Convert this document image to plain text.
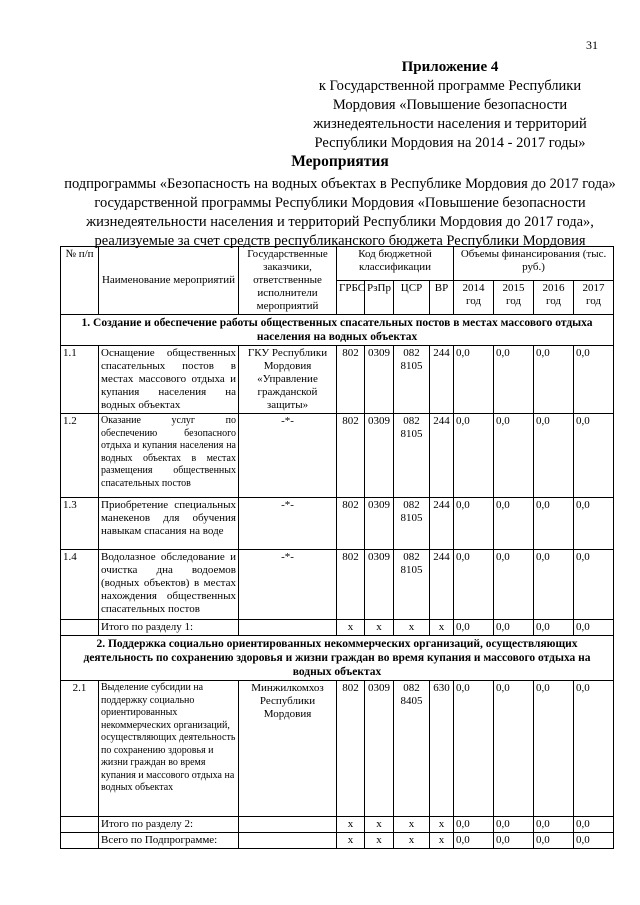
31
Приложение 4
к Государственной программе Республики
Мордовия «Повышение безопасности
жизнедеятельности населения и территорий
Республики Мордовия на 2014 - 2017 годы»
Мероприятия
подпрограммы «Безопасность на водных объектах в Республике Мордовия до 2017 года» государственной программы Республики Мордовия «Повышение безопасности жизнедеятельности населения и территорий Республики Мордовия до 2017 года», реализуемые за счет средств республиканского бюджета Республики Мордовия
№ п/п	Наименование мероприятий	Государственные заказчики, ответственные исполнители мероприятий	Код бюджетной классификации				Объемы финансирования (тыс. руб.)			
			ГРБС	РзПр	ЦСР	ВР	2014 год	2015 год	2016 год	2017 год
1. Создание и обеспечение работы общественных спасательных постов в местах массового отдыха населения на водных объектах										
1.1	Оснащение общественных спасательных постов в местах массового отдыха и купания населения на водных объектах	ГКУ Республики Мордовия «Управление гражданской защиты»	802	0309	082 8105	244	0,0	0,0	0,0	0,0
1.2	Оказание услуг по обеспечению безопасного отдыха и купания населения на водных объектах в местах размещения общественных спасательных постов	-*-	802	0309	082 8105	244	0,0	0,0	0,0	0,0
1.3	Приобретение специальных манекенов для обучения навыкам спасания на воде	-*-	802	0309	082 8105	244	0,0	0,0	0,0	0,0
1.4	Водолазное обследование и очистка дна водоемов (водных объектов) в местах нахождения общественных спасательных постов	-*-	802	0309	082 8105	244	0,0	0,0	0,0	0,0
	Итого по разделу 1:		x	x	x	x	0,0	0,0	0,0	0,0
2. Поддержка социально ориентированных некоммерческих организаций, осуществляющих деятельность по сохранению здоровья и жизни граждан во время купания и массового отдыха на водных объектах										
2.1	Выделение субсидии на поддержку социально ориентированных некоммерческих организаций, осуществляющих деятельность по сохранению здоровья и жизни граждан во время купания и массового отдыха на водных объектах	Минжилкомхоз Республики Мордовия	802	0309	082 8405	630	0,0	0,0	0,0	0,0
	Итого по разделу 2:		x	x	x	x	0,0	0,0	0,0	0,0
	Всего по Подпрограмме:		x	x	x	x	0,0	0,0	0,0	0,0
